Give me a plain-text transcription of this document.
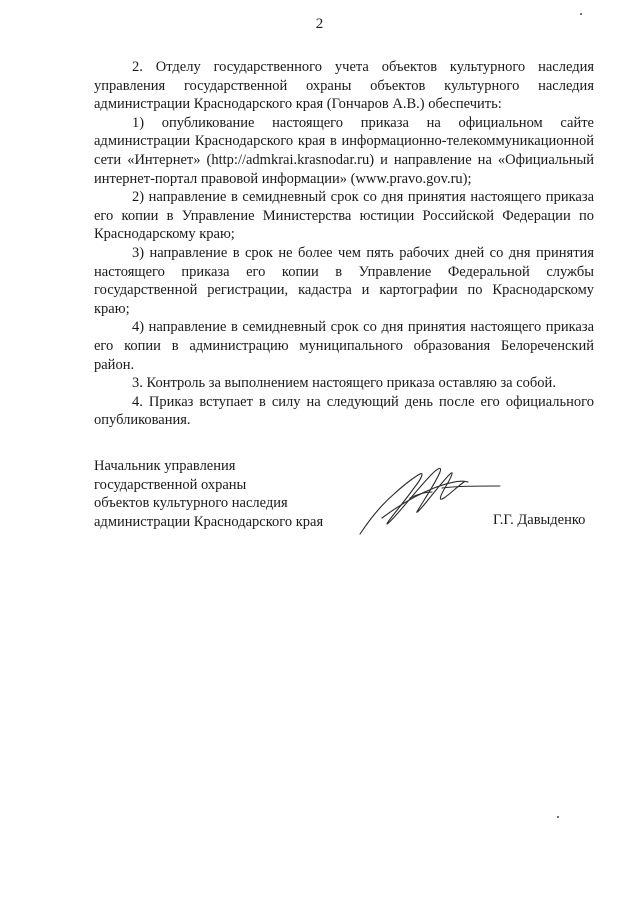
2

2. Отделу государственного учета объектов культурного наследия управления государственной охраны объектов культурного наследия администрации Краснодарского края (Гончаров А.В.) обеспечить:

1) опубликование настоящего приказа на официальном сайте администрации Краснодарского края в информационно-телекоммуникационной сети «Интернет» (http://admkrai.krasnodar.ru) и направление на «Официальный интернет-портал правовой информации» (www.pravo.gov.ru);

2) направление в семидневный срок со дня принятия настоящего приказа его копии в Управление Министерства юстиции Российской Федерации по Краснодарскому краю;

3) направление в срок не более чем пять рабочих дней со дня принятия настоящего приказа его копии в Управление Федеральной службы государственной регистрации, кадастра и картографии по Краснодарскому краю;

4) направление в семидневный срок со дня принятия настоящего приказа его копии в администрацию муниципального образования Белореченский район.

3. Контроль за выполнением настоящего приказа оставляю за собой.

4. Приказ вступает в силу на следующий день после его официального опубликования.

Начальник управления
государственной охраны
объектов культурного наследия
администрации Краснодарского края	Г.Г. Давыденко
